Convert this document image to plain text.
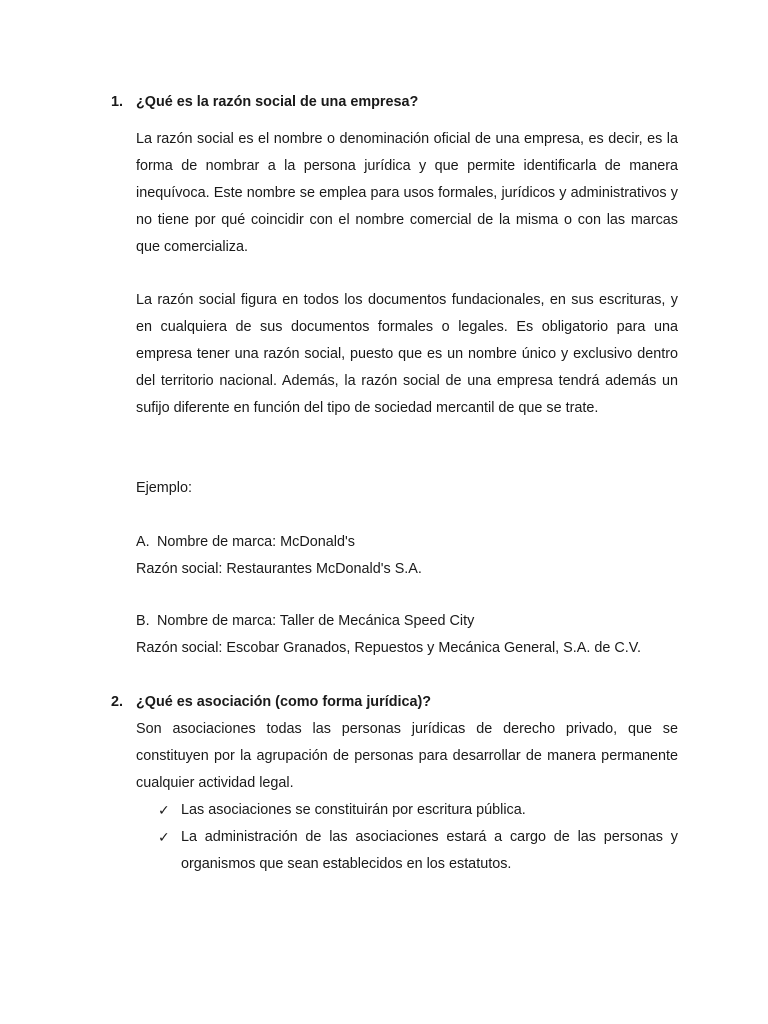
1. ¿Qué es la razón social de una empresa?
La razón social es el nombre o denominación oficial de una empresa, es decir, es la forma de nombrar a la persona jurídica y que permite identificarla de manera inequívoca. Este nombre se emplea para usos formales, jurídicos y administrativos y no tiene por qué coincidir con el nombre comercial de la misma o con las marcas que comercializa.
La razón social figura en todos los documentos fundacionales, en sus escrituras, y en cualquiera de sus documentos formales o legales. Es obligatorio para una empresa tener una razón social, puesto que es un nombre único y exclusivo dentro del territorio nacional. Además, la razón social de una empresa tendrá además un sufijo diferente en función del tipo de sociedad mercantil de que se trate.
Ejemplo:
A. Nombre de marca: McDonald's
Razón social: Restaurantes McDonald's S.A.
B. Nombre de marca: Taller de Mecánica Speed City
Razón social: Escobar Granados, Repuestos y Mecánica General, S.A. de C.V.
2. ¿Qué es asociación (como forma jurídica)?
Son asociaciones todas las personas jurídicas de derecho privado, que se constituyen por la agrupación de personas para desarrollar de manera permanente cualquier actividad legal.
✓ Las asociaciones se constituirán por escritura pública.
✓ La administración de las asociaciones estará a cargo de las personas y organismos que sean establecidos en los estatutos.
